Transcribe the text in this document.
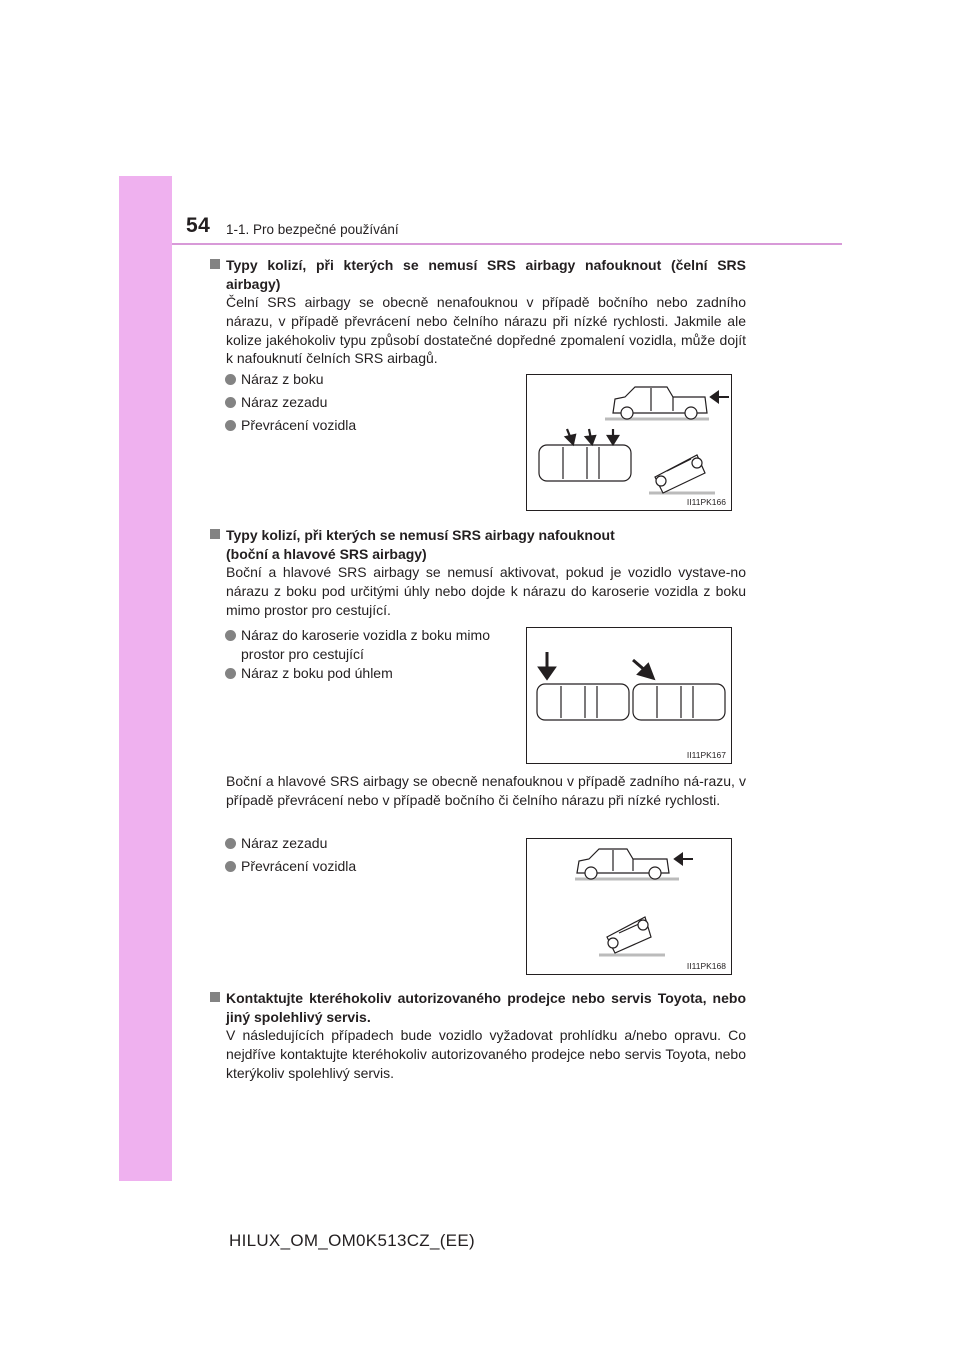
54 1-1. Pro bezpečné používání
Typy kolizí, při kterých se nemusí SRS airbagy nafouknout (čelní SRS airbagy)
Čelní SRS airbagy se obecně nenafouknou v případě bočního nebo zadního nárazu, v případě převrácení nebo čelního nárazu při nízké rychlosti. Jakmile ale kolize jakéhokoliv typu způsobí dostatečné dopředné zpomalení vozidla, může dojít k nafouknutí čelních SRS airbagů.
Náraz z boku
Náraz zezadu
Převrácení vozidla
II11PK166
Typy kolizí, při kterých se nemusí SRS airbagy nafouknout
(boční a hlavové SRS airbagy)
Boční a hlavové SRS airbagy se nemusí aktivovat, pokud je vozidlo vystave-no nárazu z boku pod určitými úhly nebo dojde k nárazu do karoserie vozidla z boku mimo prostor pro cestující.
Náraz do karoserie vozidla z boku mimo prostor pro cestující
Náraz z boku pod úhlem
II11PK167
Boční a hlavové SRS airbagy se obecně nenafouknou v případě zadního ná-razu, v případě převrácení nebo v případě bočního či čelního nárazu při nízké rychlosti.
Náraz zezadu
Převrácení vozidla
II11PK168
Kontaktujte kteréhokoliv autorizovaného prodejce nebo servis Toyota, nebo jiný spolehlivý servis.
V následujících případech bude vozidlo vyžadovat prohlídku a/nebo opravu. Co nejdříve kontaktujte kteréhokoliv autorizovaného prodejce nebo servis Toyota, nebo kterýkoliv spolehlivý servis.
HILUX_OM_OM0K513CZ_(EE)
